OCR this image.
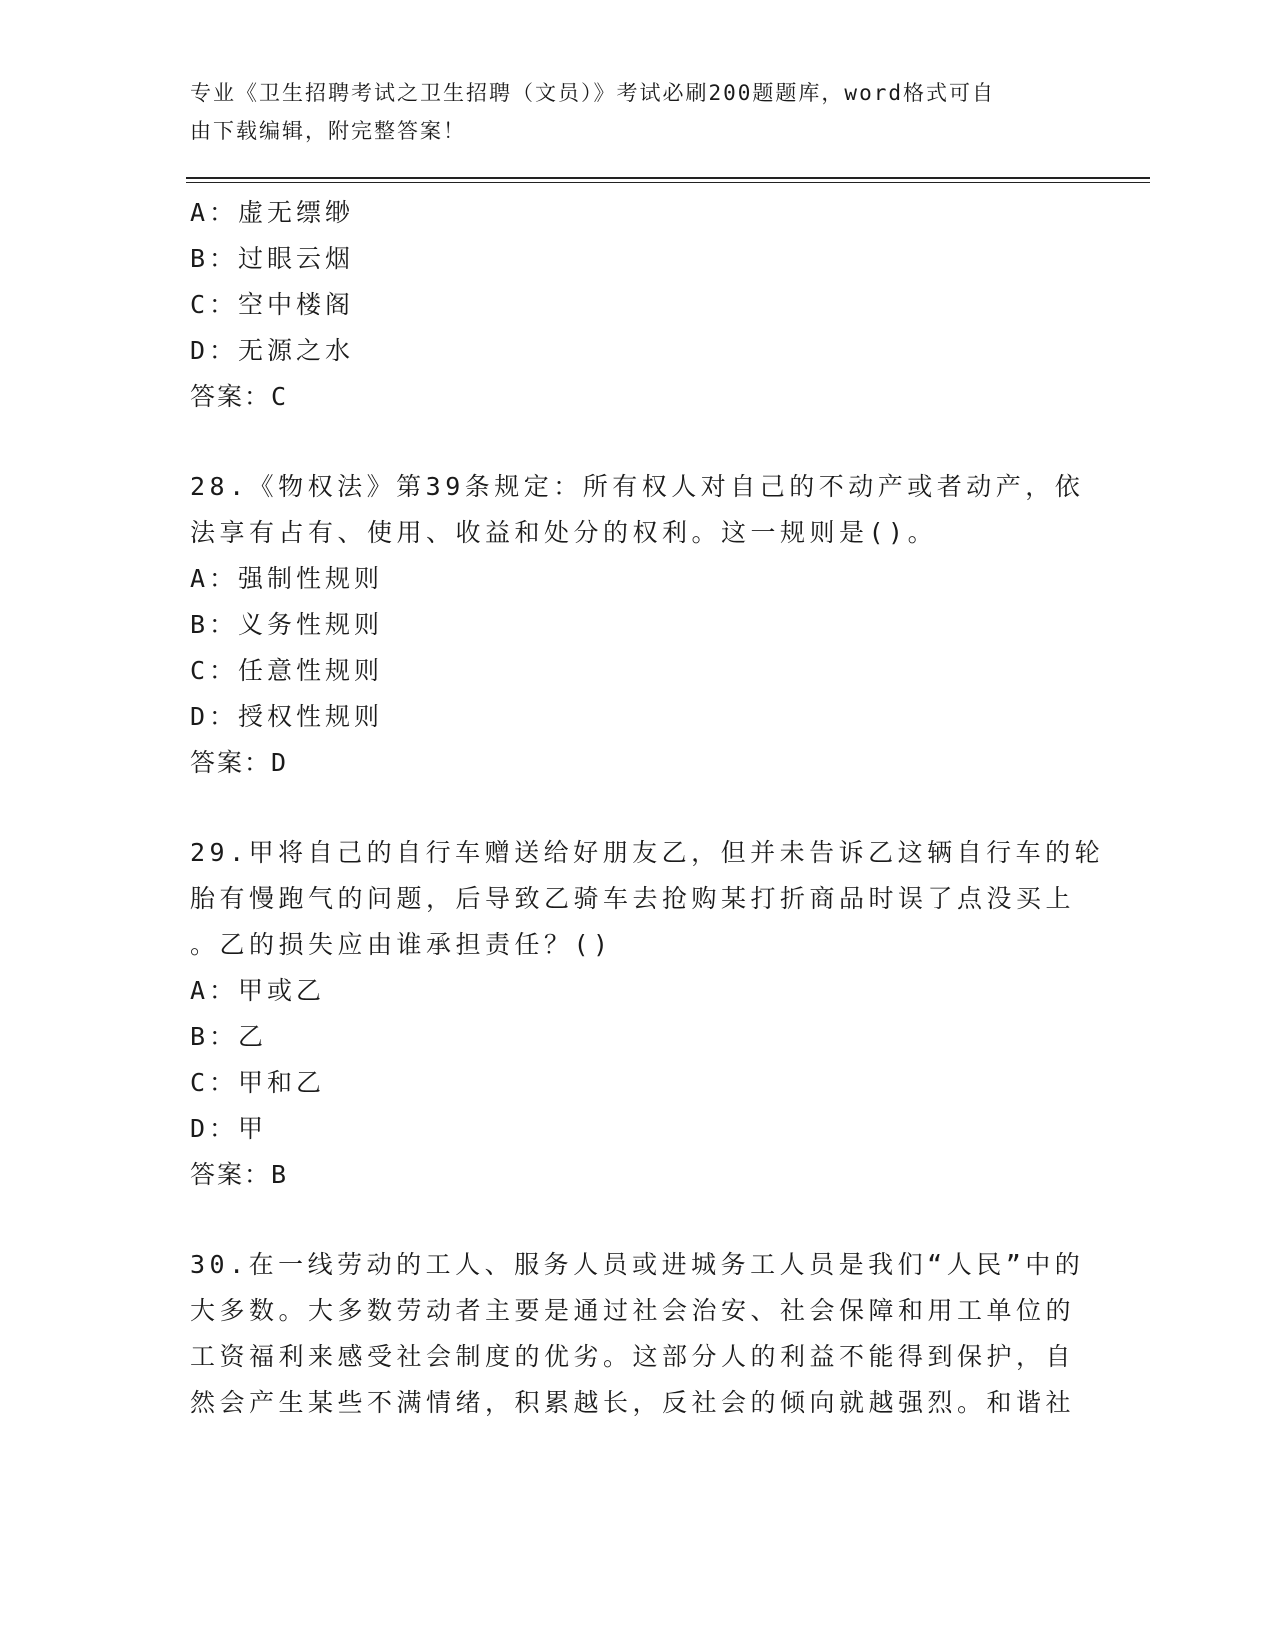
专业《卫生招聘考试之卫生招聘（文员）》考试必刷200题题库，word格式可自
由下载编辑，附完整答案！
A：虚无缥缈
B：过眼云烟
C：空中楼阁
D：无源之水
答案：C
28.《物权法》第39条规定：所有权人对自己的不动产或者动产，依
法享有占有、使用、收益和处分的权利。这一规则是()。
A：强制性规则
B：义务性规则
C：任意性规则
D：授权性规则
答案：D
29.甲将自己的自行车赠送给好朋友乙，但并未告诉乙这辆自行车的轮
胎有慢跑气的问题，后导致乙骑车去抢购某打折商品时误了点没买上
。乙的损失应由谁承担责任？()
A：甲或乙
B：乙
C：甲和乙
D：甲
答案：B
30.在一线劳动的工人、服务人员或进城务工人员是我们“人民”中的
大多数。大多数劳动者主要是通过社会治安、社会保障和用工单位的
工资福利来感受社会制度的优劣。这部分人的利益不能得到保护，自
然会产生某些不满情绪，积累越长，反社会的倾向就越强烈。和谐社
